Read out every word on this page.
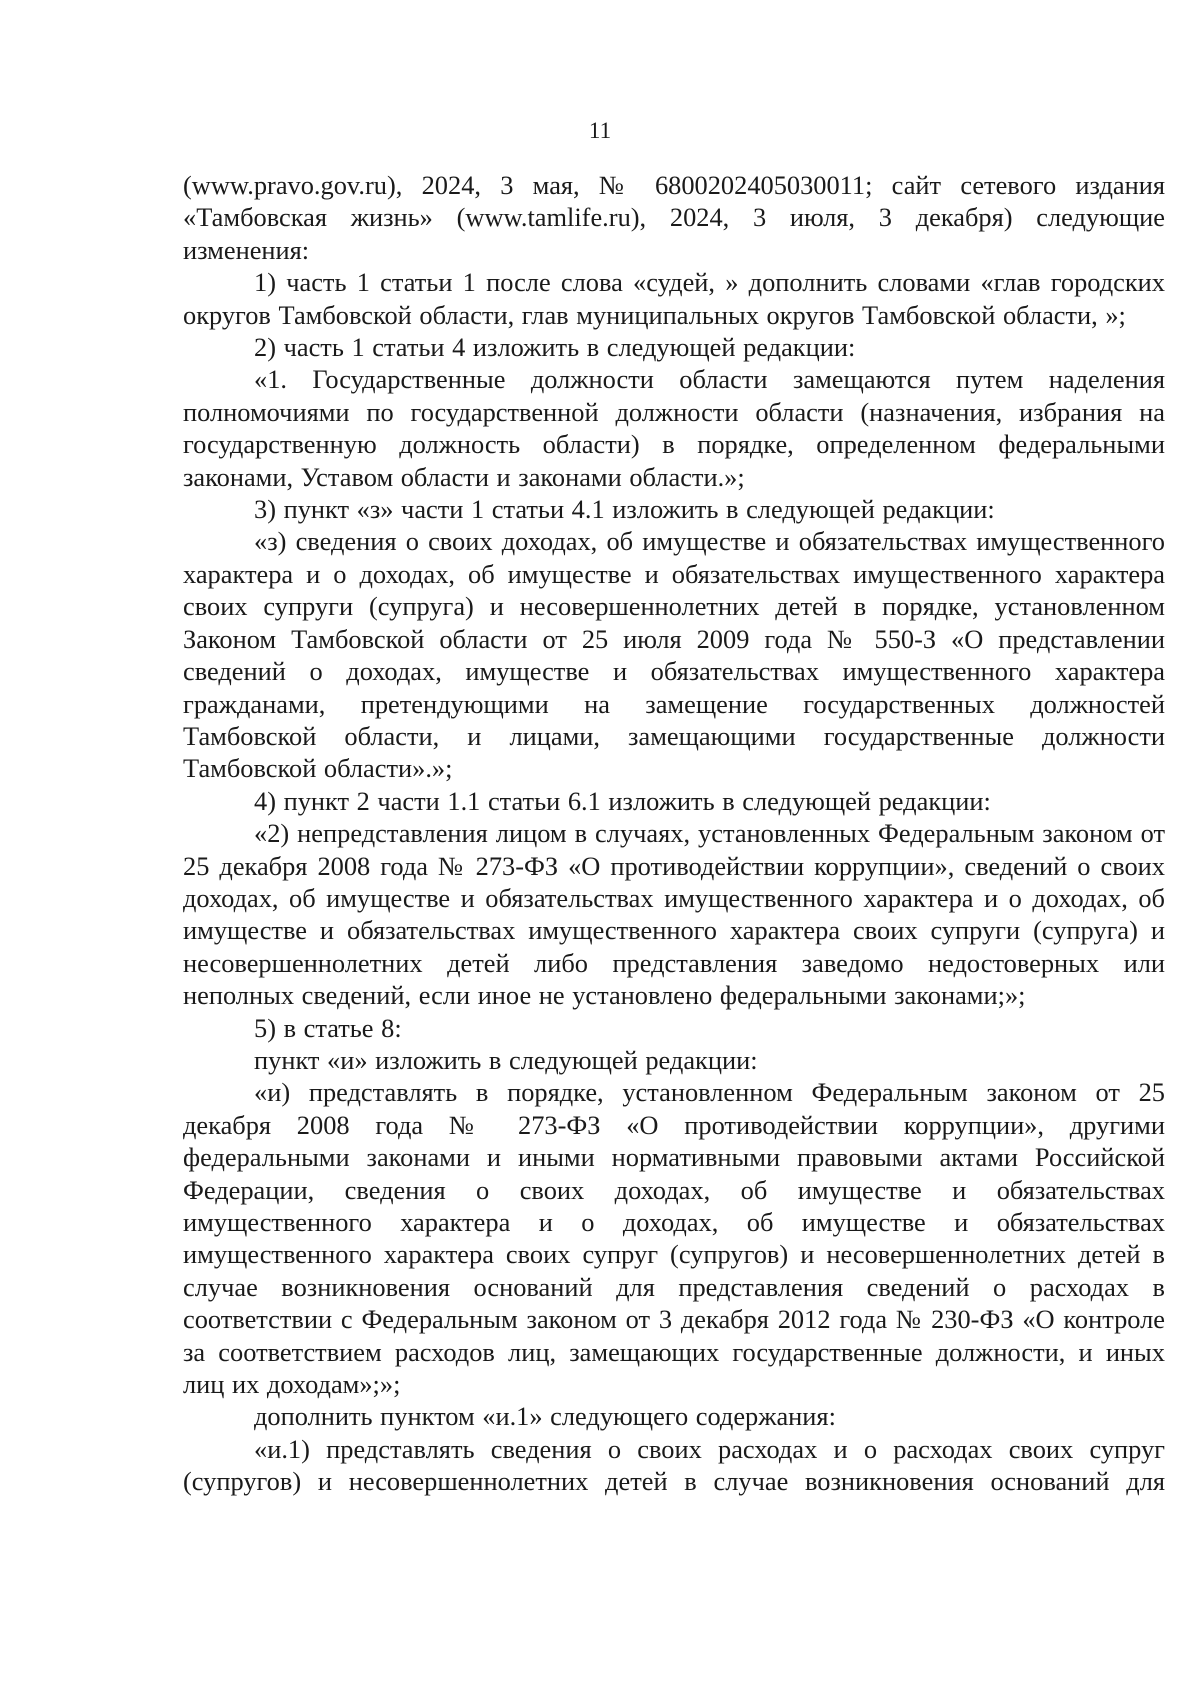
11

(www.pravo.gov.ru), 2024, 3 мая, № 6800202405030011; сайт сетевого издания «Тамбовская жизнь» (www.tamlife.ru), 2024, 3 июля, 3 декабря) следующие изменения:

1) часть 1 статьи 1 после слова «судей, » дополнить словами «глав городских округов Тамбовской области, глав муниципальных округов Тамбовской области, »;

2) часть 1 статьи 4 изложить в следующей редакции:

«1. Государственные должности области замещаются путем наделения полномочиями по государственной должности области (назначения, избрания на государственную должность области) в порядке, определенном федеральными законами, Уставом области и законами области.»;

3) пункт «з» части 1 статьи 4.1 изложить в следующей редакции:

«з) сведения о своих доходах, об имуществе и обязательствах имущественного характера и о доходах, об имуществе и обязательствах имущественного характера своих супруги (супруга) и несовершеннолетних детей в порядке, установленном Законом Тамбовской области от 25 июля 2009 года № 550-З «О представлении сведений о доходах, имуществе и обязательствах имущественного характера гражданами, претендующими на замещение государственных должностей Тамбовской области, и лицами, замещающими государственные должности Тамбовской области».»;

4) пункт 2 части 1.1 статьи 6.1 изложить в следующей редакции:

«2) непредставления лицом в случаях, установленных Федеральным законом от 25 декабря 2008 года № 273-ФЗ «О противодействии коррупции», сведений о своих доходах, об имуществе и обязательствах имущественного характера и о доходах, об имуществе и обязательствах имущественного характера своих супруги (супруга) и несовершеннолетних детей либо представления заведомо недостоверных или неполных сведений, если иное не установлено федеральными законами;»;

5) в статье 8:

пункт «и» изложить в следующей редакции:

«и) представлять в порядке, установленном Федеральным законом от 25 декабря 2008 года № 273-ФЗ «О противодействии коррупции», другими федеральными законами и иными нормативными правовыми актами Российской Федерации, сведения о своих доходах, об имуществе и обязательствах имущественного характера и о доходах, об имуществе и обязательствах имущественного характера своих супруг (супругов) и несовершеннолетних детей в случае возникновения оснований для представления сведений о расходах в соответствии с Федеральным законом от 3 декабря 2012 года № 230-ФЗ «О контроле за соответствием расходов лиц, замещающих государственные должности, и иных лиц их доходам»;»;

дополнить пунктом «и.1» следующего содержания:

«и.1) представлять сведения о своих расходах и о расходах своих супруг (супругов) и несовершеннолетних детей в случае возникновения оснований для
